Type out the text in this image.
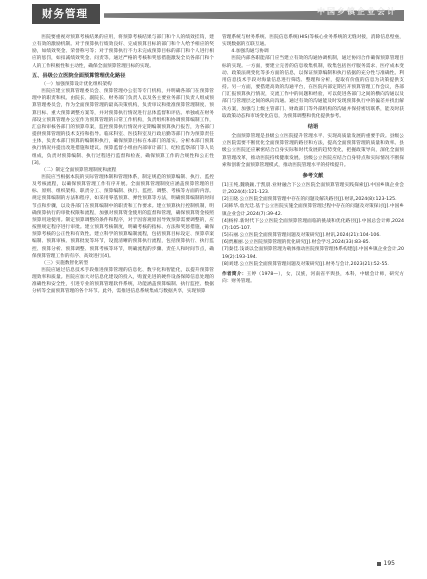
财务管理	中国乡镇企业会计

医院要重视对预算考核结果的应用，将预算考核结果与部门和个人的绩效挂钩，建立有效的激励机制。对于预算执行绩效良好、完成预算目标的部门和个人给予相应的奖励，如绩效奖金、荣誉称号等；对于预算执行不力未完成预算目标的部门和个人进行相应的惩罚，如扣减绩效奖金、问责等。通过严格的考核和奖惩措施激发全员各部门和个人的工作积极性和主动性，确保全面预算管理目标的实现。

五、县级公立医院全面预算管理优化路径

（一）加强预算设计优化组织架构

医院应建立预算管理委员会、预算管理办公室等专门机构，并明确各部门在预算管理中的职责和权。由院长、副院长、财务部门负责人以及各主要业务部门负责人组成预算管理委员会，作为全面预算管理的最高决策机构，负责审议和批准预算管理制度、预算目标、重大预算调整方案等，并对预算执行情况进行总体监督和评估。单独或在财务部设立预算管理办公室作为预算管理的日常工作机构，负责组织和协调预算编制工作，汇总和审核各部门的预算草案，监控预算执行情况并定期编制预算执行报告，为各部门提供预算管理的技术支持和指导。临床科室、医技科室及行政后勤等部门作为预算责任主体，负责本部门预算的编制和执行，确保预算目标在本部门的落实。分析本部门预算执行情况并提出改进措施和建议。预算监督小组由内部审计部门、纪检监察部门等人员组成，负责对预算编制、执行过程进行监督和检查，确保预算工作的合规性和公正性[3]。

（二）制定全面预算管理制度和流程

医院应当根据本院的实际管理体制和管理体系，制定规范的预算编制、执行、监控及考核流程，以确保预算管理工作有序开展。全面预算管理制度应涵盖预算管理的目标、原则、组织架构、职责分工、预算编制、执行、监控、调整、考核等方面的内容。规定预算编制的方法和程序，如采用零基预算、弹性预算等方法，明确预算编制的时间节点和步骤，以及各部门在预算编制中的职责和工作要求。建立预算执行控制机制，明确预算执行的审批权限和流程，加强对预算资金使用的监督和管理，确保预算资金按照预算用途使用。制定预算调整的条件和程序，对于因客观原因导致预算需要调整的，应按照规定程序进行审批。建立预算考核制度，明确考核的指标、方法和奖惩措施，确保预算考核的公正性和有效性。建立科学的预算编制流程，包括预算目标设定、预算草案编制、预算审核、预算批复等环节，设置清晰的预算执行流程，包括预算执行、执行监控、预算分析、预算调整、预算考核等环节，明确流程的步骤、责任人和时间节点，确保预算管理工作的有序、高效进行[4]。

（三）实施数智化转型

医院应通过信息技术手段推进预算管理的信息化、数字化和智能化，以提升预算管理效率和质量。医院应加大对信息化建设的投入，购置先进的硬件设备保障信息处理的准确性和安全性，引进专业的预算管理软件系统，功能涵盖预算编制、执行监控、数据分析等全面预算管理的各个环节。此外，需推进信息系统集成与数据共享，实现预算

管理系统与财务系统、医院信息系统(HIS)等核心业务系统的无缝对接，消除信息壁垒，实现数据的互联互通。

4.加强沟通与协调

医院内部各职能部门应当建立有效的沟通协调机制，通过协同合作确保预算管理目标的实现。一方面，要建立完善的信息收集机制，收集包括医疗服务需求、医疗成本变动、政策法规变化等多方面的信息，以保证预算编制和执行依据的充分性与准确性。利用信息技术手段对海量信息进行筛选、整理和分析，提取有价值的信息为决策提供支持。另一方面，要搭建高效的沟通平台，在医院内部定期召开预算管理工作会议，各部门汇报预算执行情况，交流工作中的问题和经验，可以促进各部门之间的横向沟通以及部门与管理层之间的纵向沟通。通过有效的沟通能及时发现预算执行中的偏差并找出解决方案，加强与上级主管部门、财政部门等外部机构的沟通并保持密切联系，能及时获取政策动态和市场变化信息，为预算调整和优化提供参考。

结语

全面预算管理是县级公立医院提升管理水平、实现高质量发展的重要手段。县级公立医院需要不断优化全面预算管理的路径和方法，提高全面预算管理的质量和效率。县级公立医院还应紧密结合自身实际和时代发展的趋势变化，把握政策导向，深化全面预算管理改革，推动医院持续健康发展。县级公立医院应结合自身特点和实际情况不断探索和创新全面预算管理模式，推动医院管理水平的持续提升。

参考文献

[1]王纯,魏晓颖,于凯晨.业财融合下公立医院全面预算管理实践探索[J].中国乡镇企业会计,2024(4):121-123.

[2]王晓.公立医院全面预算管理中存在的问题及解决路径[J].财讯,2024(8):123-125.

[3]韩华,詹光廷.基于公立医院实施全面预算管理过程中存在的问题及对策探讨[J].中国乡镇企业会计,2024(7):39-42.

[4]杨梓.新时代下公立医院全面预算管理面临的挑战和优化路径[J].中国总会计师,2024(7):105-107.

[5]石丽.公立医院全面预算管理问题及对策研究[J].财讯,2024(21):104-106.

[6]贾雁丽.公立医院预算管理的优化研究[J].财会学习,2024(33):83-85.

[7]秦佳.浅谈以全面预算管理为载体推动医院预算管理体系构建[J].中国乡镇企业会计,2019(2):193-194.

[8]刘建.公立医院全面预算管理问题及对策研究[J].财务与会计,2023(21):52-55.

作者简介：王婷（1978—），女，汉族，河南省平舆县，本科，中级会计师，研究方向：财务管理。

195
